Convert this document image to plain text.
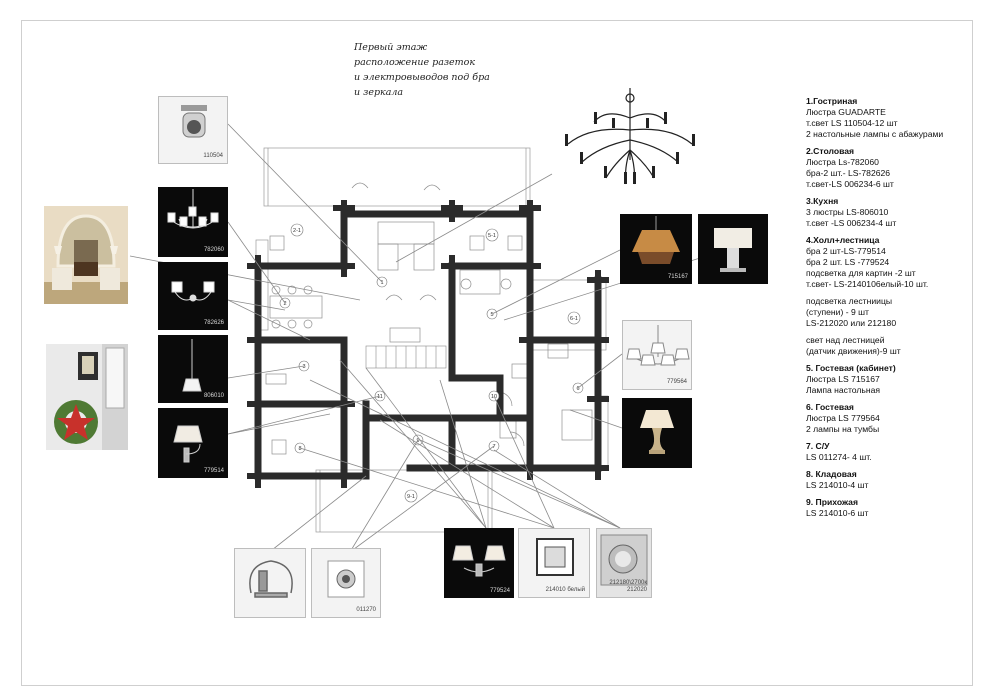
Первый этаж
расположение разеток
и электровыводов под бра
и зеркала
2-1
1
2
3
5-1
5
6-1
6
8
11
9
10
7
9-1
110504
782060
782626
806010
779514
715167
779564
011270
779524	214010 белый
212180\2700к
212020
1.Гостриная
Люстра GUADARTE
т.свет LS 110504-12 шт
2 настольные лампы с абажурами
2.Столовая
Люстра Ls-782060
бра-2 шт.- LS-782626
т.свет-LS 006234-6 шт
3.Кухня
3 люстры LS-806010
т.свет -LS 006234-4 шт
4.Холл+лестница
бра 2 шт-LS-779514
бра 2 шт. LS -779524
подсветка для картин -2 шт
т.свет- LS-2140106елый-10 шт.
подсветка лестниицы
(ступени) - 9 шт
LS-212020 или 212180
свет над лестницей
(датчик движения)-9 шт
5. Гостевая (кабинет)
Люстра LS 715167
Лампа настольная
6. Гостевая
Люстра LS 779564
2 лампы на тумбы
7. С/У
LS 011274- 4 шт.
8. Кладовая
LS 214010-4 шт
9. Прихожая
LS 214010-6 шт
